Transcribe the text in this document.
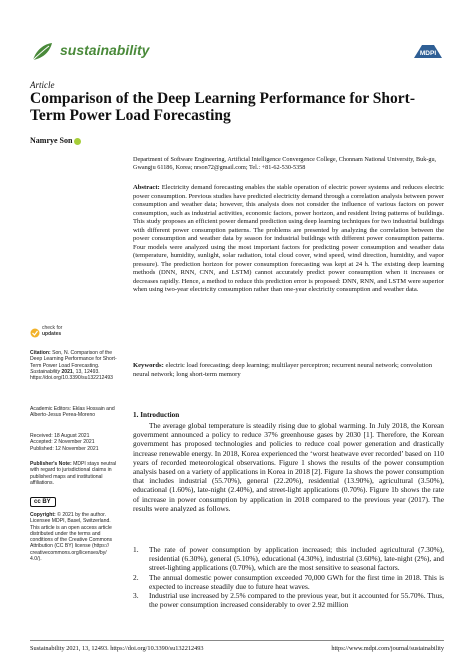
sustainability	MDPI
Article
Comparison of the Deep Learning Performance for Short-Term Power Load Forecasting
Namrye Son
Department of Software Engineering, Artificial Intelligence Convergence College, Chonnam National University, Buk-gu, Gwangju 61186, Korea; nrson72@gmail.com; Tel.: +81-62-530-5358
Abstract: Electricity demand forecasting enables the stable operation of electric power systems and reduces electric power consumption. Previous studies have predicted electricity demand through a correlation analysis between power consumption and weather data; however, this analysis does not consider the influence of various factors on power consumption, such as industrial activities, economic factors, power horizon, and resident living patterns of buildings. This study proposes an efficient power demand prediction using deep learning techniques for two industrial buildings with different power consumption patterns. The problems are presented by analyzing the correlation between the power consumption and weather data by season for industrial buildings with different power consumption patterns. Four models were analyzed using the most important factors for predicting power consumption and weather data (temperature, humidity, sunlight, solar radiation, total cloud cover, wind speed, wind direction, humidity, and vapor pressure). The prediction horizon for power consumption forecasting was kept at 24 h. The existing deep learning methods (DNN, RNN, CNN, and LSTM) cannot accurately predict power consumption when it increases or decreases rapidly. Hence, a method to reduce this prediction error is proposed: DNN, RNN, and LSTM were superior when using two-year electricity consumption rather than one-year electricity consumption and weather data.
Keywords: electric load forecasting; deep learning; multilayer perceptron; recurrent neural network; convolution neural network; long short-term memory
check for
updates
Citation: Son, N. Comparison of the Deep Learning Performance for Short-Term Power Load Forecasting. Sustainability 2021, 13, 12493. https://doi.org/10.3390/su132212493
Academic Editors: Eklas Hossain and Alberto-Jesus Perea-Moreno
Received: 18 August 2021
Accepted: 2 November 2021
Published: 12 November 2021
Publisher's Note: MDPI stays neutral with regard to jurisdictional claims in published maps and institutional affiliations.
cc BY
Copyright: © 2021 by the author. Licensee MDPI, Basel, Switzerland. This article is an open access article distributed under the terms and conditions of the Creative Commons Attribution (CC BY) license (https:// creativecommons.org/licenses/by/ 4.0/).
1. Introduction
The average global temperature is steadily rising due to global warming. In July 2018, the Korean government announced a policy to reduce 37% greenhouse gases by 2030 [1]. Therefore, the Korean government has proposed technologies and policies to reduce coal power generation and drastically increase renewable energy. In 2018, Korea experienced the ‘worst heatwave ever recorded’ based on 110 years of recorded meteorological observations. Figure 1 shows the results of the power consumption analysis based on a variety of applications in Korea in 2018 [2]. Figure 1a shows the power consumption that includes industrial (55.70%), general (22.20%), residential (13.90%), agricultural (3.50%), educational (1.60%), late-night (2.40%), and street-light applications (0.70%). Figure 1b shows the rate of increase in power consumption by application in 2018 compared to the previous year (2017). The results were analyzed as follows.
1. The rate of power consumption by application increased; this included agricultural (7.30%), residential (6.30%), general (5.10%), educational (4.30%), industrial (3.60%), late-night (2%), and street-lighting applications (0.70%), which are the most sensitive to seasonal factors.
2. The annual domestic power consumption exceeded 70,000 GWh for the first time in 2018. This is expected to increase steadily due to future heat waves.
3. Industrial use increased by 2.5% compared to the previous year, but it accounted for 55.70%. Thus, the power consumption increased considerably to over 2.92 million
Sustainability 2021, 13, 12493. https://doi.org/10.3390/su132212493	https://www.mdpi.com/journal/sustainability
